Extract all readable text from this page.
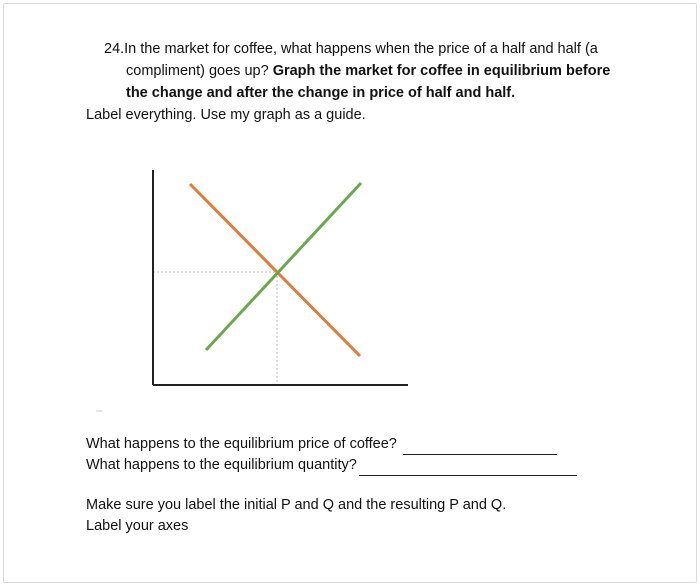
24.In the market for coffee, what happens when the price of a half and half (a
compliment) goes up? Graph the market for coffee in equilibrium before
the change and after the change in price of half and half.
Label everything. Use my graph as a guide.
What happens to the equilibrium price of coffee?
What happens to the equilibrium quantity?
Make sure you label the initial P and Q and the resulting P and Q.
Label your axes
